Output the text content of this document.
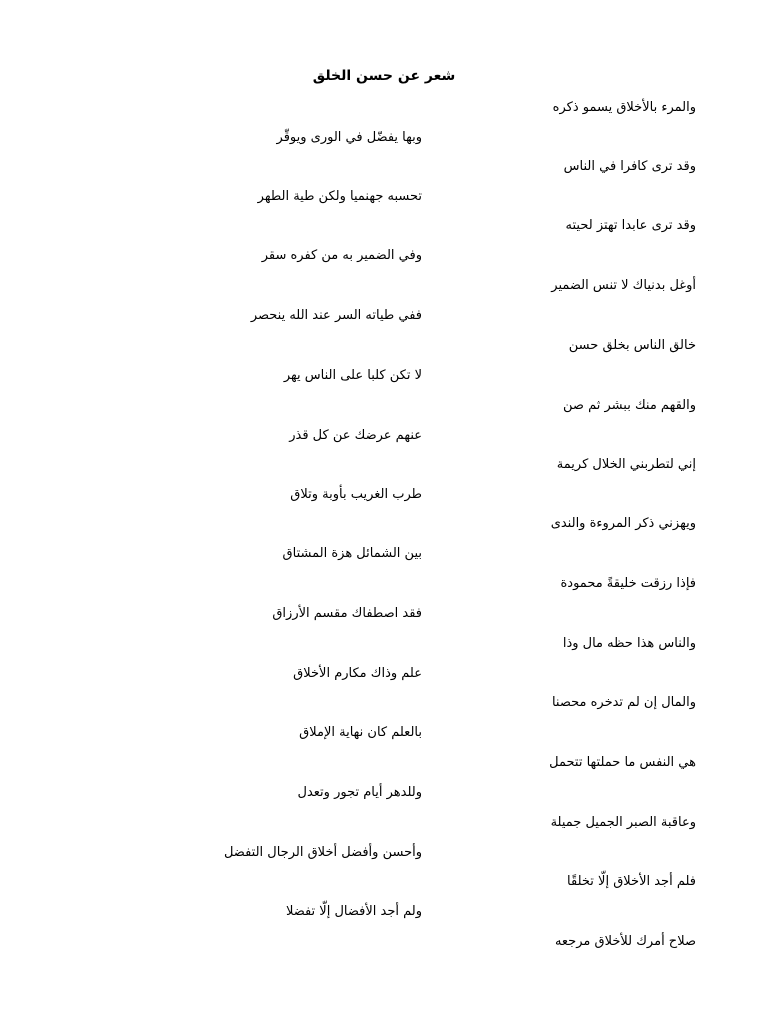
شعر عن حسن الخلق
والمرء بالأخلاق يسمو ذكره
وبها يفضّل في الورى ويوقّر
وقد ترى كافرا في الناس
تحسبه جهنميا ولكن طية الطهر
وقد ترى عابدا تهتز لحيته
وفي الضمير به من كفره سقر
أوغل بدنياك لا تنس الضمير
ففي طياته السر عند الله ينحصر
خالق الناس بخلق حسن
لا تكن كلبا على الناس يهر
والقهم منك ببشر ثم صن
عنهم عرضك عن كل قذر
إني لتطربني الخلال كريمة
طرب الغريب بأوبة وتلاق
ويهزني ذكر المروءة والندى
بين الشمائل هزة المشتاق
فإذا رزقت خليقةً محمودة
فقد اصطفاك مقسم الأرزاق
والناس هذا حظه مال وذا
علم وذاك مكارم الأخلاق
والمال إن لم تدخره محصنا
بالعلم كان نهاية الإملاق
هي النفس ما حملتها تتحمل
وللدهر أيام تجور وتعدل
وعاقبة الصبر الجميل جميلة
وأحسن وأفضل أخلاق الرجال التفضل
فلم أجد الأخلاق إلّا تخلقًا
ولم أجد الأفضال إلّا تفضلا
صلاح أمرك للأخلاق مرجعه
